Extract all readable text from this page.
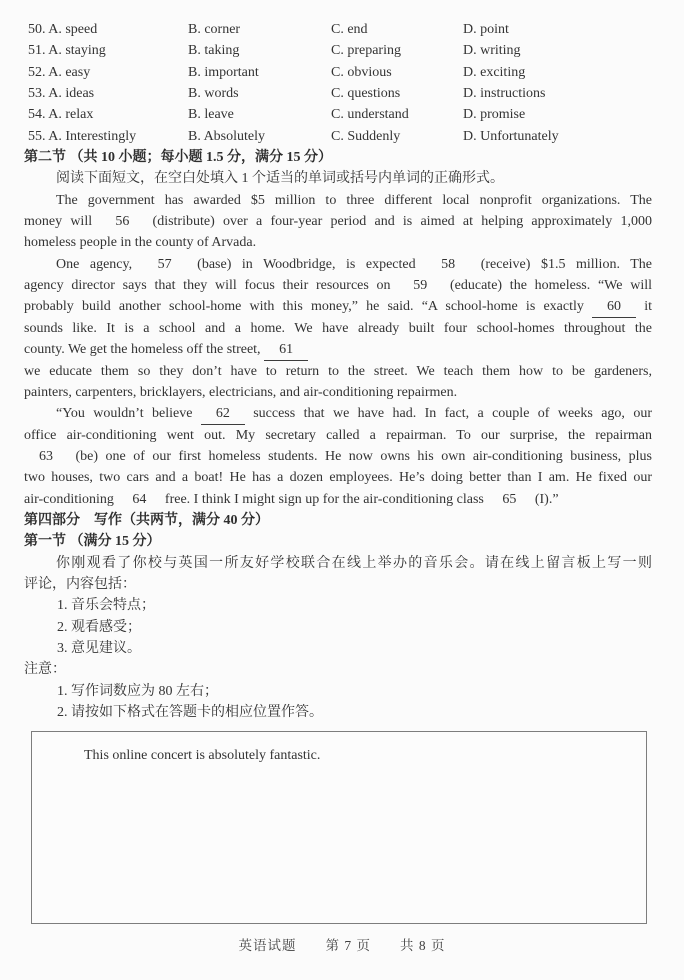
50. A. speed	B. corner	C. end	D. point
51. A. staying	B. taking	C. preparing	D. writing
52. A. easy	B. important	C. obvious	D. exciting
53. A. ideas	B. words	C. questions	D. instructions
54. A. relax	B. leave	C. understand	D. promise
55. A. Interestingly	B. Absolutely	C. Suddenly	D. Unfortunately
第二节 （共 10 小题；每小题 1.5 分，满分 15 分）
阅读下面短文，在空白处填入 1 个适当的单词或括号内单词的正确形式。
The government has awarded $5 million to three different local nonprofit organizations. The
money will 56 (distribute) over a four-year period and is aimed at helping approximately 1,000
homeless people in the county of Arvada.
One agency, 57 (base) in Woodbridge, is expected 58 (receive) $1.5 million. The
agency director says that they will focus their resources on 59 (educate) the homeless. “We will
probably build another school-home with this money,” he said. “A school-home is exactly 60 it
sounds like. It is a school and a home. We have already built four school-homes throughout the
county. We get the homeless off the street, 61
we educate them so they don’t have to return to the street. We teach them how to be gardeners,
painters, carpenters, bricklayers, electricians, and air-conditioning repairmen.
“You wouldn’t believe 62 success that we have had. In fact, a couple of weeks ago, our
office air-conditioning went out. My secretary called a repairman. To our surprise, the repairman
63 (be) one of our first homeless students. He now owns his own air-conditioning business, plus
two houses, two cars and a boat! He has a dozen employees. He’s doing better than I am. He fixed our
air-conditioning 64 free. I think I might sign up for the air-conditioning class 65 (I).”
第四部分　写作（共两节，满分 40 分）
第一节 （满分 15 分）
你刚观看了你校与英国一所友好学校联合在线上举办的音乐会。请在线上留言板上写一则
评论，内容包括：
1. 音乐会特点；
2. 观看感受；
3. 意见建议。
注意：
1. 写作词数应为 80 左右；
2. 请按如下格式在答题卡的相应位置作答。
This online concert is absolutely fantastic.
英语试题　　第 7 页　　共 8 页
